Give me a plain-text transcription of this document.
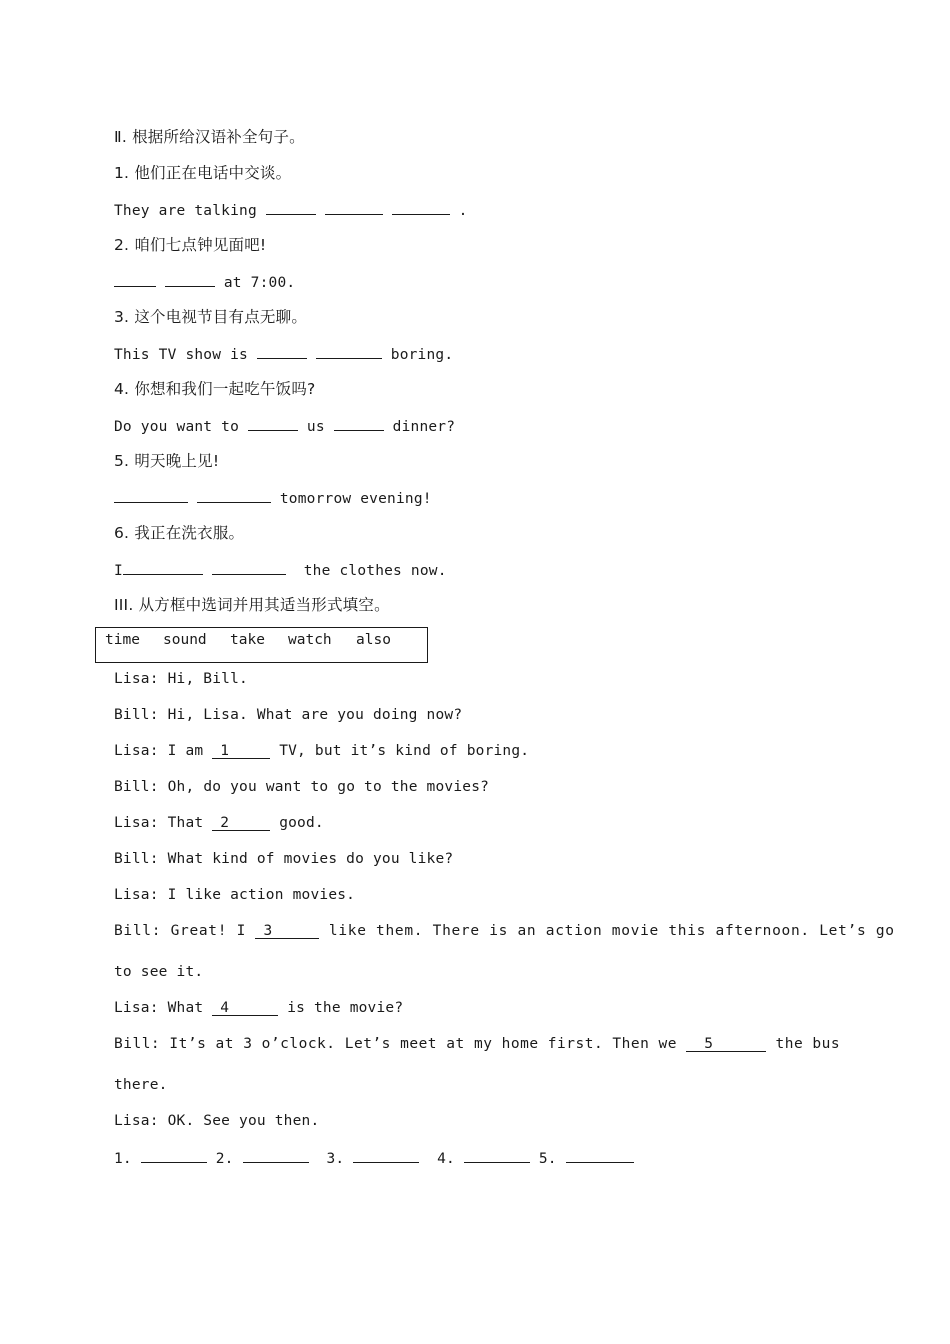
Ⅱ. 根据所给汉语补全句子。
1. 他们正在电话中交谈。
They are talking	.
2. 咱们七点钟见面吧!
at 7:00.
3. 这个电视节目有点无聊。
This TV show is	boring.
4. 你想和我们一起吃午饭吗?
Do you want to	us	dinner?
5. 明天晚上见!
tomorrow evening!
6. 我正在洗衣服。
I	the clothes now.
III. 从方框中选词并用其适当形式填空。
time sound take watch also
Lisa: Hi, Bill.
Bill: Hi, Lisa. What are you doing now?
Lisa: I am 1	TV, but it’s kind of boring.
Bill: Oh, do you want to go to the movies?
Lisa: That 2	good.
Bill: What kind of movies do you like?
Lisa: I like action movies.
Bill: Great! I 3	like them. There is an action movie this afternoon. Let’s go
to see it.
Lisa: What 4	is the movie?
Bill: It’s at 3 o’clock. Let’s meet at my home first. Then we 5	the bus
there.
Lisa: OK. See you then.
1.	2.	3.	4.	5.
